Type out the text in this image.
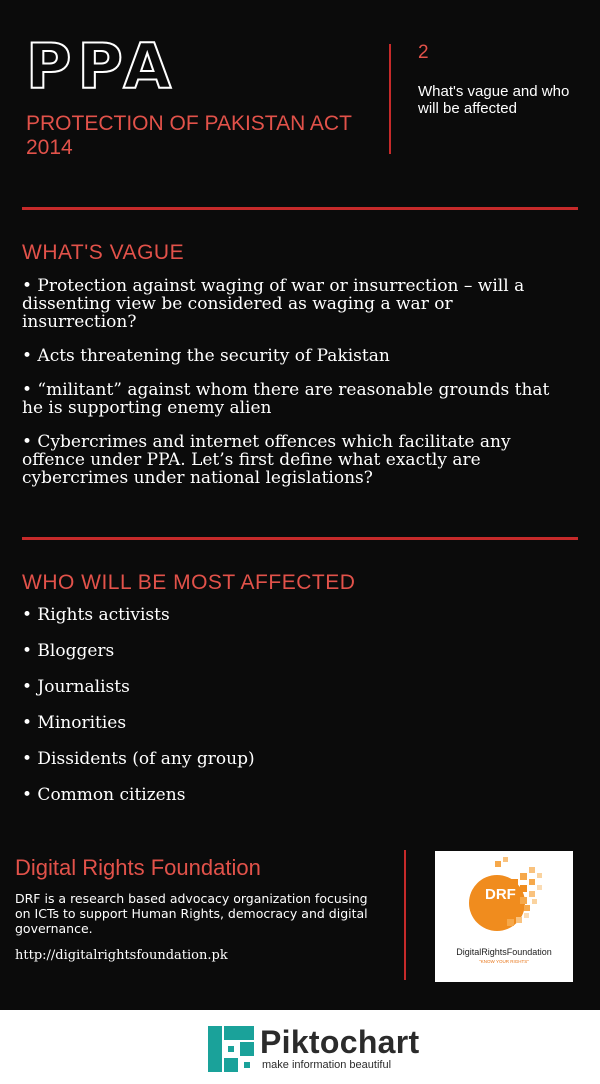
PPA
PROTECTION OF PAKISTAN ACT 2014
2
What's vague and who will be affected
WHAT'S VAGUE
• Protection against waging of war or insurrection – will a dissenting view be considered as waging a war or insurrection?
• Acts threatening the security of Pakistan
• “militant” against whom there are reasonable grounds that he is supporting enemy alien
• Cybercrimes and internet offences which facilitate any offence under PPA. Let’s first define what exactly are cybercrimes under national legislations?
WHO WILL BE MOST AFFECTED
• Rights activists
• Bloggers
• Journalists
• Minorities
• Dissidents (of any group)
• Common citizens
Digital Rights Foundation
DRF is a research based advocacy organization focusing on ICTs to support Human Rights, democracy and digital governance.
http://digitalrightsfoundation.pk
DRF
DigitalRightsFoundation
"KNOW YOUR RIGHTS"
Piktochart
make information beautiful
